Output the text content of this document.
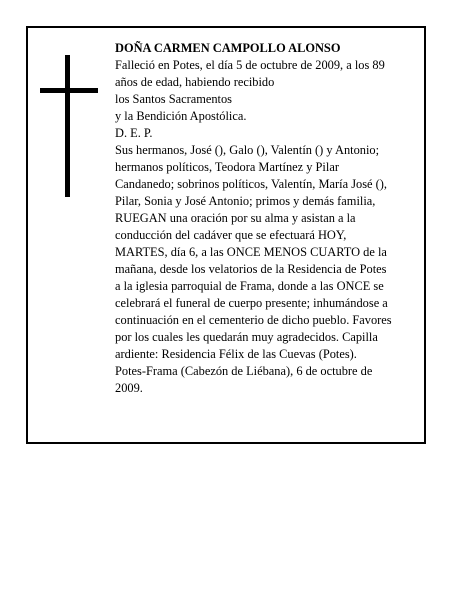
DOÑA CARMEN CAMPOLLO ALONSO
Falleció en Potes, el día 5 de octubre de 2009, a los 89
años de edad, habiendo recibido
los Santos Sacramentos
y la Bendición Apostólica.
D. E. P.
Sus hermanos, José (), Galo (), Valentín () y Antonio;
hermanos políticos, Teodora Martínez y Pilar
Candanedo; sobrinos políticos, Valentín, María José (),
Pilar, Sonia y José Antonio; primos y demás familia,
RUEGAN una oración por su alma y asistan a la
conducción del cadáver que se efectuará HOY,
MARTES, día 6, a las ONCE MENOS CUARTO de la
mañana, desde los velatorios de la Residencia de Potes
a la iglesia parroquial de Frama, donde a las ONCE se
celebrará el funeral de cuerpo presente; inhumándose a
continuación en el cementerio de dicho pueblo. Favores
por los cuales les quedarán muy agradecidos. Capilla
ardiente: Residencia Félix de las Cuevas (Potes).
Potes-Frama (Cabezón de Liébana), 6 de octubre de
2009.
